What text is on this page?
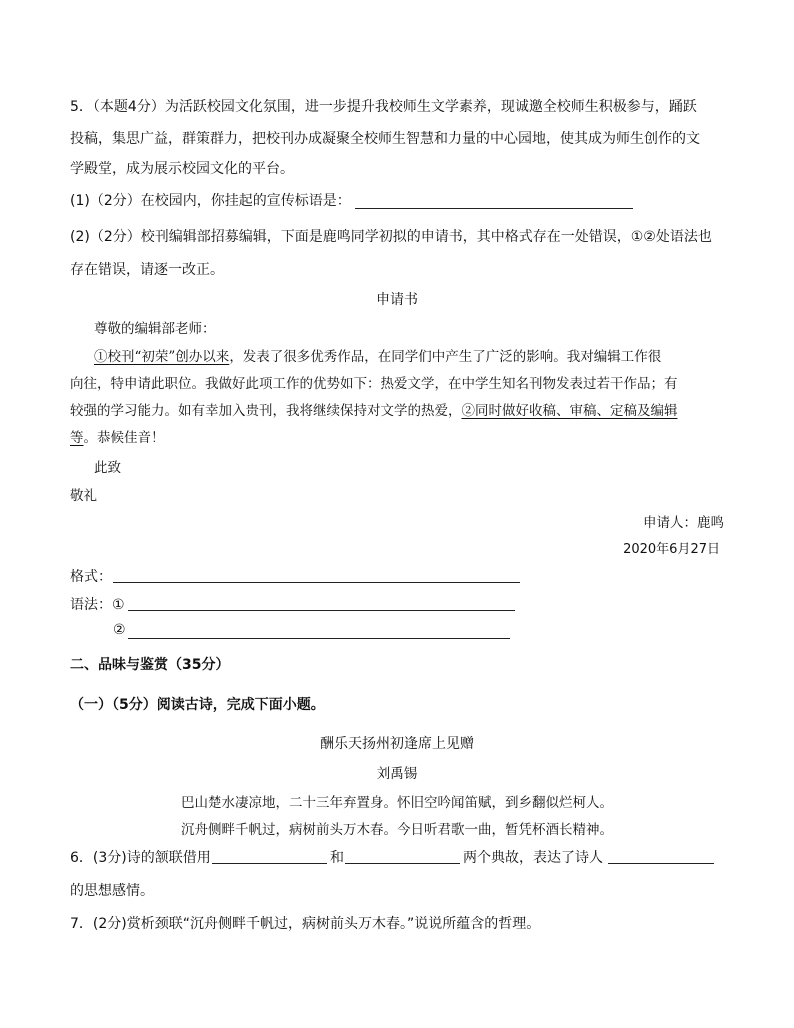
5．（本题4分）为活跃校园文化氛围，进一步提升我校师生文学素养，现诚邀全校师生积极参与，踊跃
投稿，集思广益，群策群力，把校刊办成凝聚全校师生智慧和力量的中心园地，使其成为师生创作的文
学殿堂，成为展示校园文化的平台。
(1)（2分）在校园内，你挂起的宣传标语是：
(2)（2分）校刊编辑部招募编辑，下面是鹿鸣同学初拟的申请书，其中格式存在一处错误，①②处语法也
存在错误，请逐一改正。
申请书
尊敬的编辑部老师：
①校刊“初荣”创办以来，发表了很多优秀作品，在同学们中产生了广泛的影响。我对编辑工作很
向往，特申请此职位。我做好此项工作的优势如下：热爱文学，在中学生知名刊物发表过若干作品；有
较强的学习能力。如有幸加入贵刊，我将继续保持对文学的热爱，②同时做好收稿、审稿、定稿及编辑
等。恭候佳音！
此致
敬礼
申请人：鹿鸣
2020年6月27日
格式：
语法：①
②
二、品味与鉴赏（35分）
（一）（5分）阅读古诗，完成下面小题。
酬乐天扬州初逢席上见赠
刘禹锡
巴山楚水凄凉地，二十三年弃置身。怀旧空吟闻笛赋，到乡翻似烂柯人。
沉舟侧畔千帆过，病树前头万木春。今日听君歌一曲，暂凭杯酒长精神。
6．(3分)诗的颔联借用	和	两个典故，表达了诗人
的思想感情。
7．(2分)赏析颈联“沉舟侧畔千帆过，病树前头万木春。”说说所蕴含的哲理。
